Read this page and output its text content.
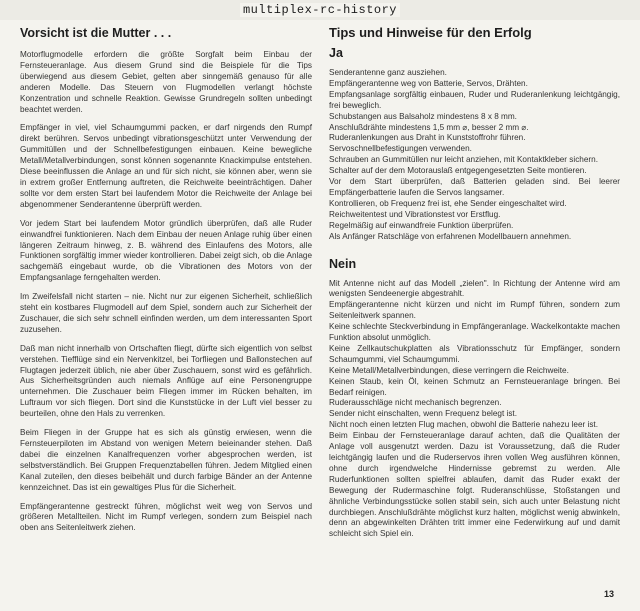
multiplex-rc-history
Vorsicht ist die Mutter . . .

Motorflugmodelle erfordern die größte Sorgfalt beim Einbau der Fernsteueranlage. Aus diesem Grund sind die Beispiele für die Tips überwiegend aus diesem Gebiet, gelten aber sinngemäß genauso für alle anderen Modelle. Das Steuern von Flugmodellen verlangt höchste Konzentration und schnelle Reaktion. Gewisse Grundregeln sollten unbedingt beachtet werden.

Empfänger in viel, viel Schaumgummi packen, er darf nirgends den Rumpf direkt berühren. Servos unbedingt vibrationsgeschützt unter Verwendung der Gummitüllen und der Schnellbefestigungen einbauen. Keine bewegliche Metall/Metallverbindungen, sonst können sogenannte Knackimpulse entstehen. Diese beeinflussen die Anlage an und für sich nicht, sie können aber, wenn sie in extrem großer Entfernung auftreten, die Reichweite beeinträchtigen. Daher sollte vor dem ersten Start bei laufendem Motor die Reichweite der Anlage bei abgenommener Senderantenne überprüft werden.

Vor jedem Start bei laufendem Motor gründlich überprüfen, daß alle Ruder einwandfrei funktionieren. Nach dem Einbau der neuen Anlage ruhig über einen längeren Zeitraum hinweg, z. B. während des Einlaufens des Motors, alle Funktionen sorgfältig immer wieder kontrollieren. Dabei zeigt sich, ob die Anlage sachgemäß eingebaut wurde, ob die Vibrationen des Motors von der Empfangsanlage ferngehalten werden.

Im Zweifelsfall nicht starten – nie. Nicht nur zur eigenen Sicherheit, schließlich steht ein kostbares Flugmodell auf dem Spiel, sondern auch zur Sicherheit der Zuschauer, die sich sehr schnell einfinden werden, um dem interessanten Sport zuzusehen.

Daß man nicht innerhalb von Ortschaften fliegt, dürfte sich eigentlich von selbst verstehen. Tiefflüge sind ein Nervenkitzel, bei Torfliegen und Ballonstechen auf Flugtagen jederzeit üblich, nie aber über Zuschauern, sonst wird es gefährlich. Aus Sicherheitsgründen auch niemals Anflüge auf eine Personengruppe unternehmen. Die Zuschauer beim Fliegen immer im Rücken behalten, im Luftraum vor sich fliegen. Dort sind die Kunststücke in der Luft viel besser zu beurteilen, ohne den Hals zu verrenken.

Beim Fliegen in der Gruppe hat es sich als günstig erwiesen, wenn die Fernsteuerpiloten im Abstand von wenigen Metern beieinander stehen. Daß dabei die einzelnen Kanalfrequenzen vorher abgesprochen werden, ist selbstverständlich. Bei Gruppen Frequenztabellen führen. Jedem Mitglied einen Kanal zuteilen, den dieses beibehält und durch farbige Bänder an der Antenne kennzeichnet. Das ist ein gewaltiges Plus für die Sicherheit.

Empfängerantenne gestreckt führen, möglichst weit weg von Servos und größeren Metallteilen. Nicht im Rumpf verlegen, sondern zum Beispiel nach oben ans Seitenleitwerk ziehen.

Tips und Hinweise für den Erfolg
Ja
Senderantenne ganz ausziehen.
Empfängerantenne weg von Batterie, Servos, Drähten.
Empfangsanlage sorgfältig einbauen, Ruder und Ruderanlenkung leichtgängig, frei beweglich.
Schubstangen aus Balsaholz mindestens 8 x 8 mm.
Anschlußdrähte mindestens 1,5 mm ⌀, besser 2 mm ⌀.
Ruderanlenkungen aus Draht in Kunststoffrohr führen.
Servoschnellbefestigungen verwenden.
Schrauben an Gummitüllen nur leicht anziehen, mit Kontaktkleber sichern.
Schalter auf der dem Motorauslaß entgegengesetzten Seite montieren.
Vor dem Start überprüfen, daß Batterien geladen sind. Bei leerer Empfängerbatterie laufen die Servos langsamer.
Kontrollieren, ob Frequenz frei ist, ehe Sender eingeschaltet wird.
Reichweitentest und Vibrationstest vor Erstflug.
Regelmäßig auf einwandfreie Funktion überprüfen.
Als Anfänger Ratschläge von erfahrenen Modellbauern annehmen.
Nein
Mit Antenne nicht auf das Modell „zielen". In Richtung der Antenne wird am wenigsten Sendeenergie abgestrahlt.
Empfängerantenne nicht kürzen und nicht im Rumpf führen, sondern zum Seitenleitwerk spannen.
Keine schlechte Steckverbindung in Empfängeranlage. Wackelkontakte machen Funktion absolut unmöglich.
Keine Zellkautschukplatten als Vibrationsschutz für Empfänger, sondern Schaumgummi, viel Schaumgummi.
Keine Metall/Metallverbindungen, diese verringern die Reichweite.
Keinen Staub, kein Öl, keinen Schmutz an Fernsteueranlage bringen. Bei Bedarf reinigen.
Ruderausschläge nicht mechanisch begrenzen.
Sender nicht einschalten, wenn Frequenz belegt ist.
Nicht noch einen letzten Flug machen, obwohl die Batterie nahezu leer ist.
Beim Einbau der Fernsteueranlage darauf achten, daß die Qualitäten der Anlage voll ausgenutzt werden. Dazu ist Voraussetzung, daß die Ruder leichtgängig laufen und die Ruderservos ihren vollen Weg ausführen können, ohne durch irgendwelche Hindernisse gebremst zu werden. Alle Ruderfunktionen sollten spielfrei ablaufen, damit das Ruder exakt der Bewegung der Rudermaschine folgt. Ruderanschlüsse, Stoßstangen und ähnliche Verbindungsstücke sollen stabil sein, sich auch unter Belastung nicht durchbiegen. Anschlußdrähte möglichst kurz halten, möglichst wenig abwinkeln, denn an abgewinkelten Drähten tritt immer eine Federwirkung auf und damit schleicht sich Spiel ein.
13
